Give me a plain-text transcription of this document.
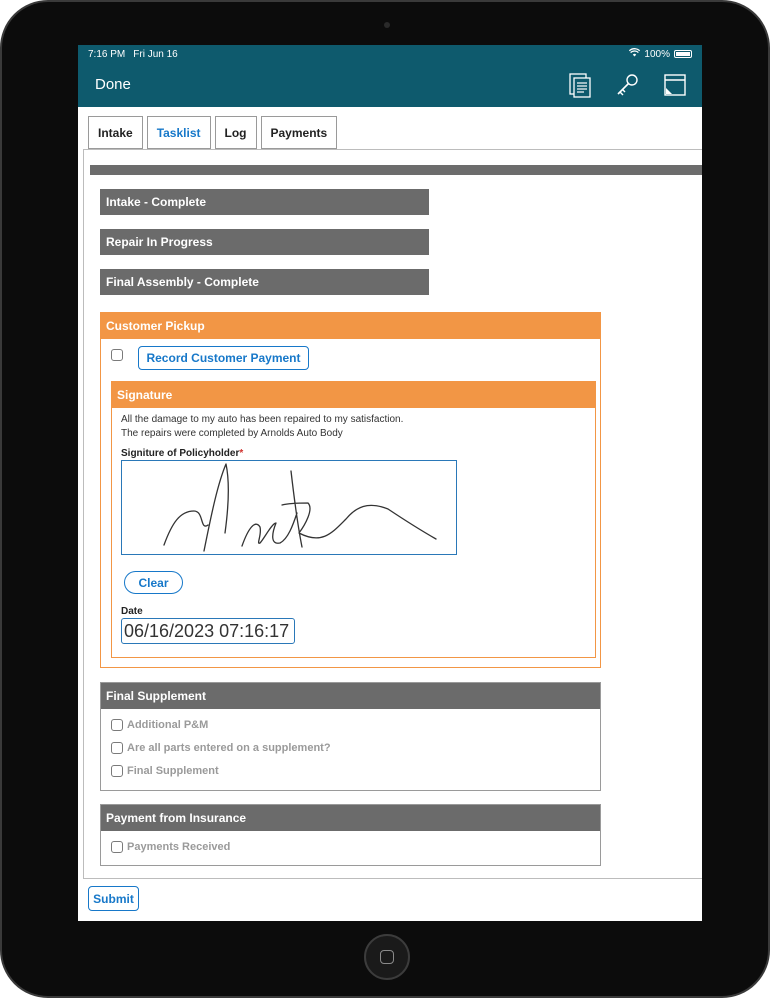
7:16 PM Fri Jun 16	100%
Done
Intake	Tasklist	Log	Payments
Intake - Complete
Repair In Progress
Final Assembly - Complete
Customer Pickup
Record Customer Payment
Signature
All the damage to my auto has been repaired to my satisfaction.
The repairs were completed by Arnolds Auto Body
Signiture of Policyholder*
Clear
Date
06/16/2023 07:16:17
Final Supplement
Additional P&M
Are all parts entered on a supplement?
Final Supplement
Payment from Insurance
Payments Received
Submit
